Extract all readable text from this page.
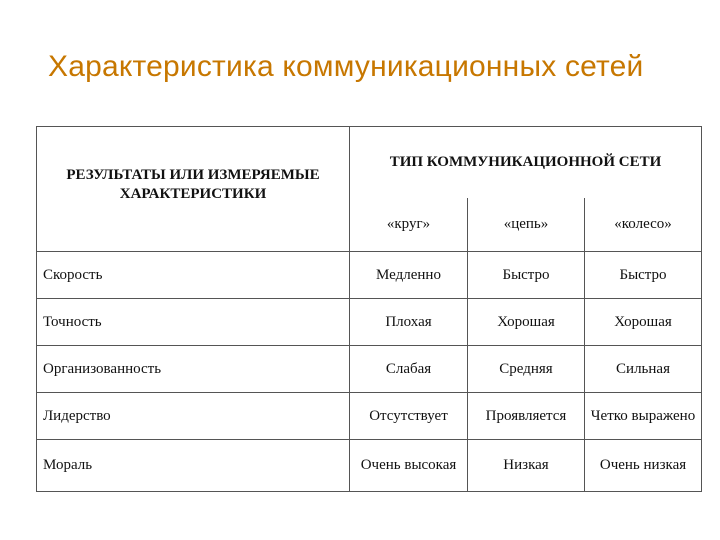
Характеристика коммуникационных сетей
РЕЗУЛЬТАТЫ ИЛИ ИЗМЕРЯЕМЫЕ ХАРАКТЕРИСТИКИ	ТИП КОММУНИКАЦИОННОЙ СЕТИ		
	«круг»	«цепь»	«колесо»
Скорость	Медленно	Быстро	Быстро
Точность	Плохая	Хорошая	Хорошая
Организованность	Слабая	Средняя	Сильная
Лидерство	Отсутствует	Проявляется	Четко выражено
Мораль	Очень высокая	Низкая	Очень низкая
